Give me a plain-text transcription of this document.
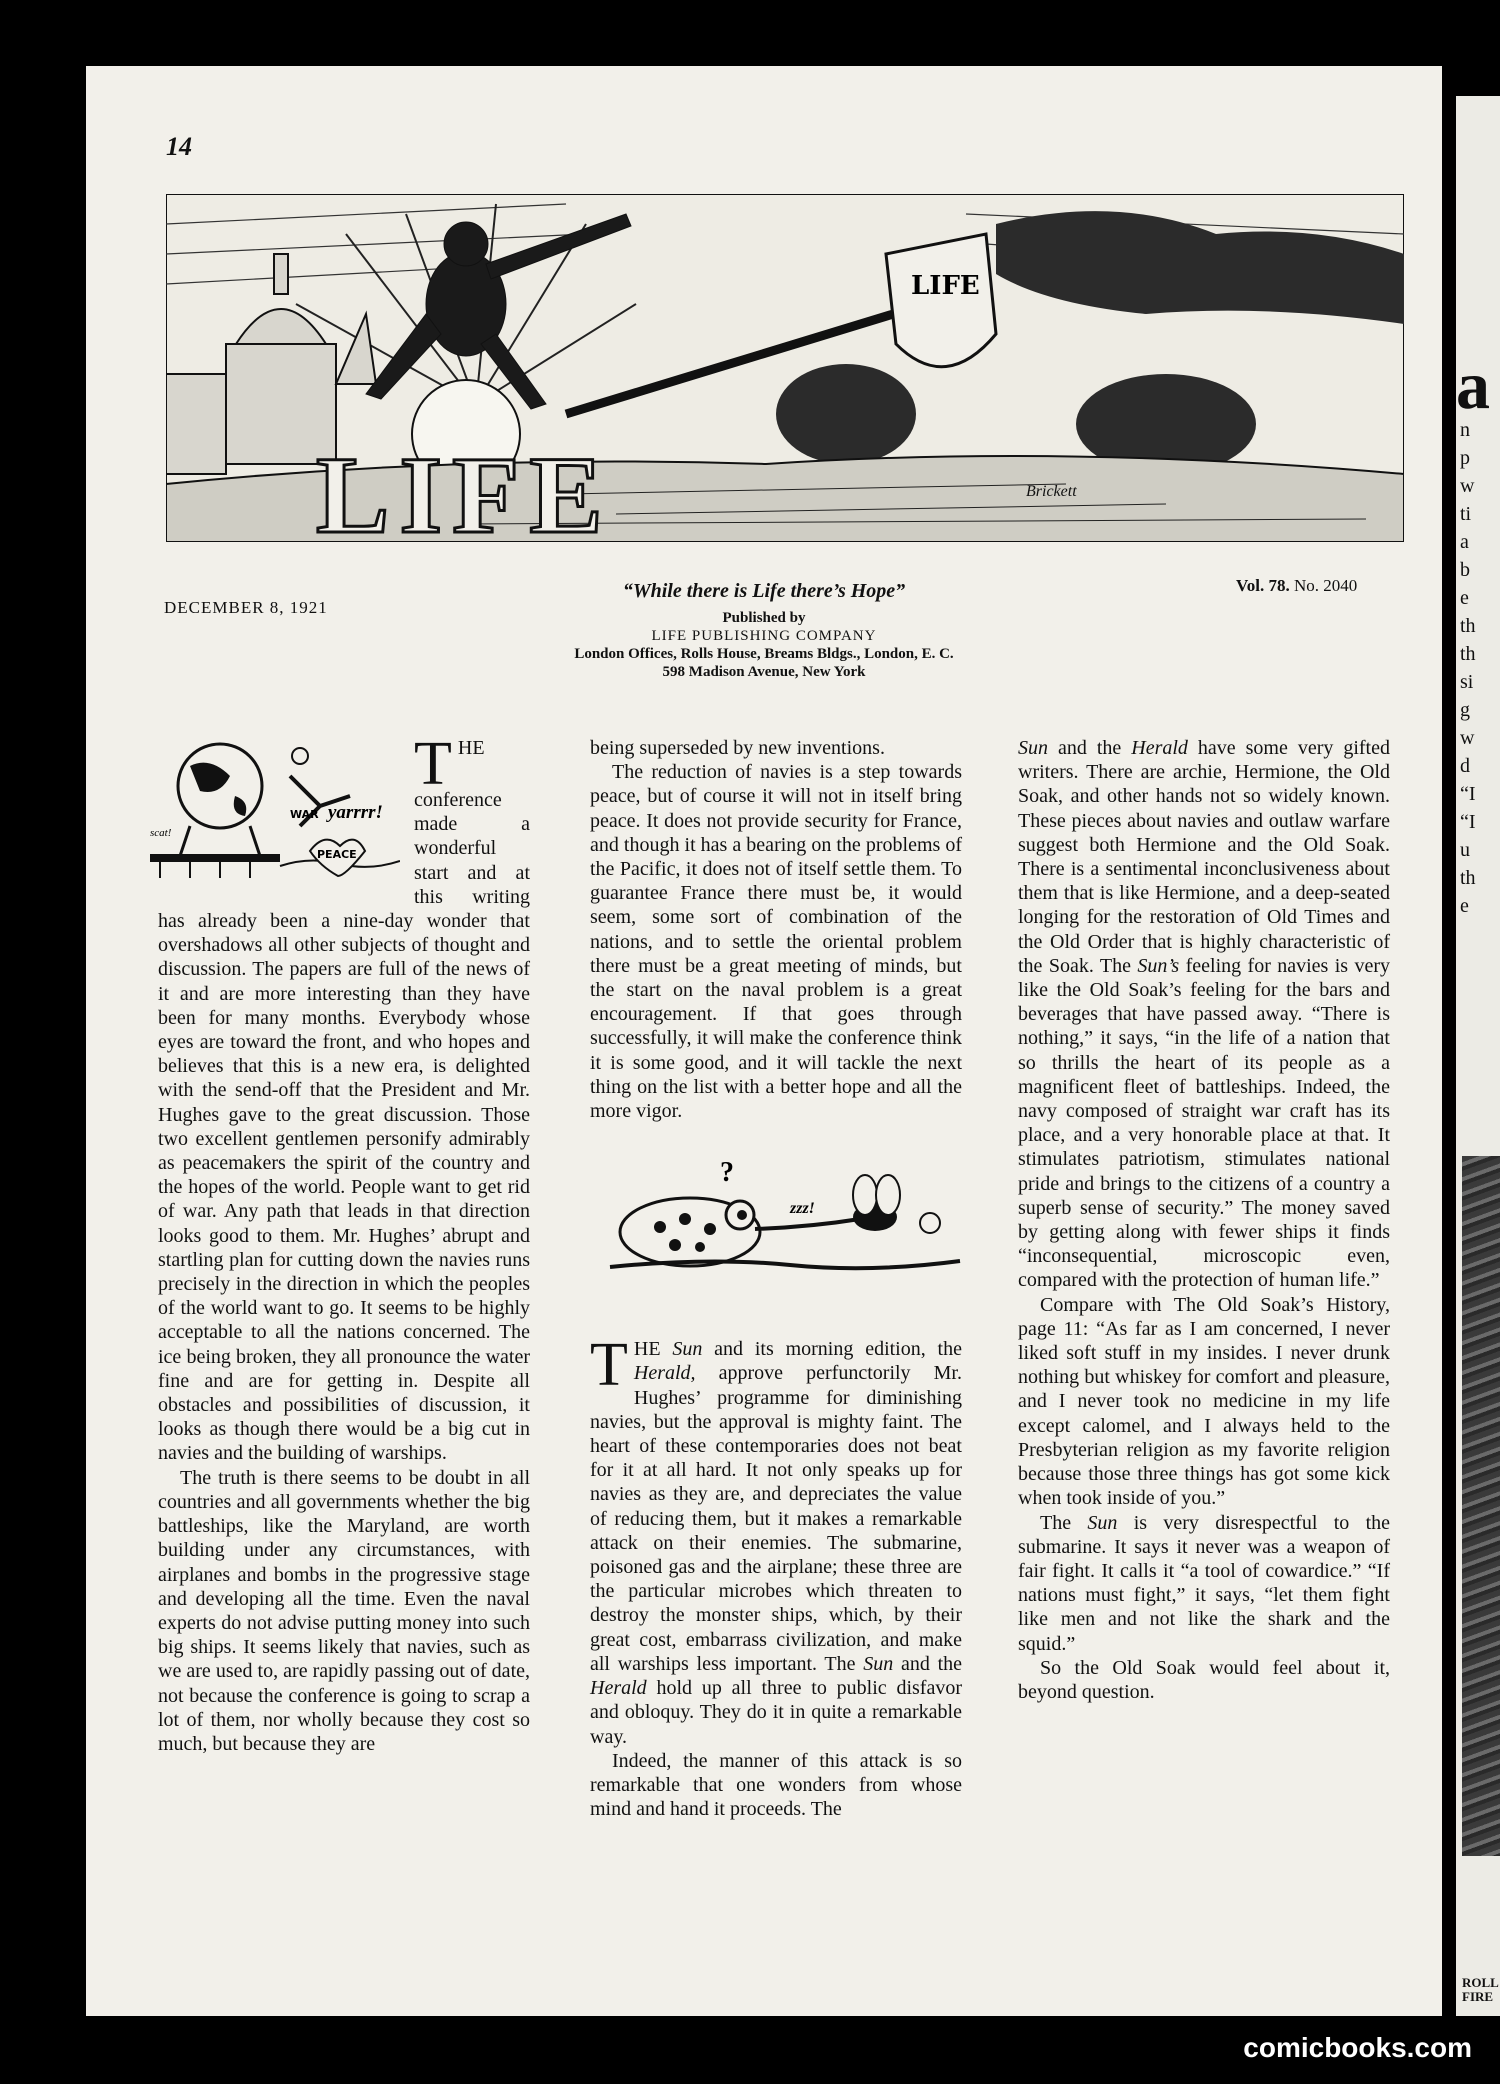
14
LIFE
LIFE	Brickett
DECEMBER 8, 1921
“While there is Life there’s Hope”
Published by
LIFE PUBLISHING COMPANY
London Offices, Rolls House, Breams Bldgs., London, E. C.
598 Madison Avenue, New York
Vol. 78. No. 2040
WAR yarrrr!
PEACE
scat!

THE conference made a wonderful start and at this writing has already been a nine-day wonder that overshadows all other subjects of thought and discussion. The papers are full of the news of it and are more interesting than they have been for many months. Everybody whose eyes are toward the front, and who hopes and believes that this is a new era, is delighted with the send-off that the President and Mr. Hughes gave to the great discussion. Those two excellent gentlemen personify admirably as peacemakers the spirit of the country and the hopes of the world. People want to get rid of war. Any path that leads in that direction looks good to them. Mr. Hughes’ abrupt and startling plan for cutting down the navies runs precisely in the direction in which the peoples of the world want to go. It seems to be highly acceptable to all the nations concerned. The ice being broken, they all pronounce the water fine and are for getting in. Despite all obstacles and possibilities of discussion, it looks as though there would be a big cut in navies and the building of warships.

The truth is there seems to be doubt in all countries and all governments whether the big battleships, like the Maryland, are worth building under any circumstances, with airplanes and bombs in the progressive stage and developing all the time. Even the naval experts do not advise putting money into such big ships. It seems likely that navies, such as we are used to, are rapidly passing out of date, not because the conference is going to scrap a lot of them, nor wholly because they cost so much, but because they are

being superseded by new inventions.

The reduction of navies is a step towards peace, but of course it will not in itself bring peace. It does not provide security for France, and though it has a bearing on the problems of the Pacific, it does not of itself settle them. To guarantee France there must be, it would seem, some sort of combination of the nations, and to settle the oriental problem there must be a great meeting of minds, but the start on the naval problem is a great encouragement. If that goes through successfully, it will make the conference think it is some good, and it will tackle the next thing on the list with a better hope and all the more vigor.

?
zzz!

THE Sun and its morning edition, the Herald, approve perfunctorily Mr. Hughes’ programme for diminishing navies, but the approval is mighty faint. The heart of these contemporaries does not beat for it at all hard. It not only speaks up for navies as they are, and depreciates the value of reducing them, but it makes a remarkable attack on their enemies. The submarine, poisoned gas and the airplane; these three are the particular microbes which threaten to destroy the monster ships, which, by their great cost, embarrass civilization, and make all warships less important. The Sun and the Herald hold up all three to public disfavor and obloquy. They do it in quite a remarkable way.

Indeed, the manner of this attack is so remarkable that one wonders from whose mind and hand it proceeds. The

Sun and the Herald have some very gifted writers. There are archie, Hermione, the Old Soak, and other hands not so widely known. These pieces about navies and outlaw warfare suggest both Hermione and the Old Soak. There is a sentimental inconclusiveness about them that is like Hermione, and a deep-seated longing for the restoration of Old Times and the Old Order that is highly characteristic of the Soak. The Sun’s feeling for navies is very like the Old Soak’s feeling for the bars and beverages that have passed away. “There is nothing,” it says, “in the life of a nation that so thrills the heart of its people as a magnificent fleet of battleships. Indeed, the navy composed of straight war craft has its place, and a very honorable place at that. It stimulates patriotism, stimulates national pride and brings to the citizens of a country a superb sense of security.” The money saved by getting along with fewer ships it finds “inconsequential, microscopic even, compared with the protection of human life.”

Compare with The Old Soak’s History, page 11: “As far as I am concerned, I never liked soft stuff in my insides. I never drunk nothing but whiskey for comfort and pleasure, and I never took no medicine in my life except calomel, and I always held to the Presbyterian religion as my favorite religion because those three things has got some kick when took inside of you.”

The Sun is very disrespectful to the submarine. It says it never was a weapon of fair fight. It calls it “a tool of cowardice.” “If nations must fight,” it says, “let them fight like men and not like the shark and the squid.”

So the Old Soak would feel about it, beyond question.

a
n
p
w
ti
a
b
e
th
th
si
g
w
d
“I
“I
u
th
e
ROLL
FIRE
comicbooks.com
